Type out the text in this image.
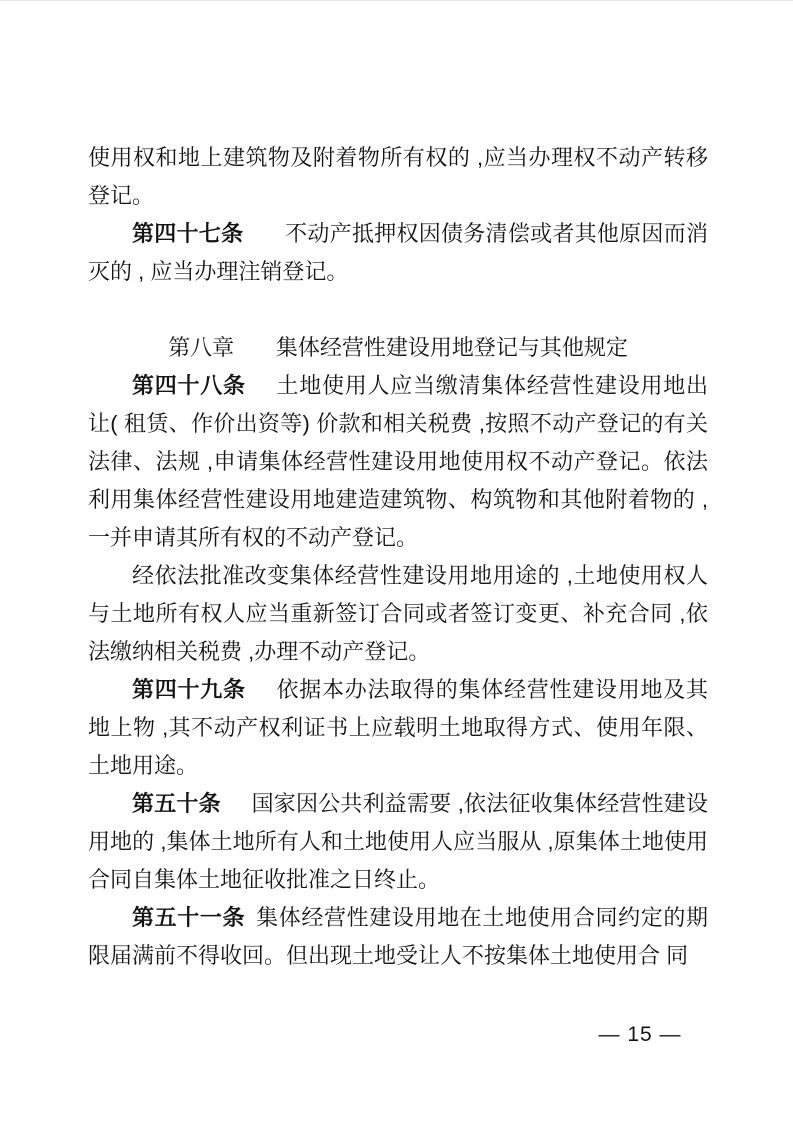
使用权和地上建筑物及附着物所有权的 ,应当办理权不动产转移登记。

第四十七条 不动产抵押权因债务清偿或者其他原因而消灭的 , 应当办理注销登记。

第八章 集体经营性建设用地登记与其他规定

第四十八条 土地使用人应当缴清集体经营性建设用地出让( 租赁、作价出资等) 价款和相关税费 ,按照不动产登记的有关法律、法规 ,申请集体经营性建设用地使用权不动产登记。依法利用集体经营性建设用地建造建筑物、构筑物和其他附着物的 ,一并申请其所有权的不动产登记。

经依法批准改变集体经营性建设用地用途的 ,土地使用权人与土地所有权人应当重新签订合同或者签订变更、补充合同 ,依法缴纳相关税费 ,办理不动产登记。

第四十九条 依据本办法取得的集体经营性建设用地及其地上物 ,其不动产权利证书上应载明土地取得方式、使用年限、土地用途。

第五十条 国家因公共利益需要 ,依法征收集体经营性建设用地的 ,集体土地所有人和土地使用人应当服从 ,原集体土地使用合同自集体土地征收批准之日终止。

第五十一条 集体经营性建设用地在土地使用合同约定的期限届满前不得收回。但出现土地受让人不按集体土地使用合 同

— 15 —
